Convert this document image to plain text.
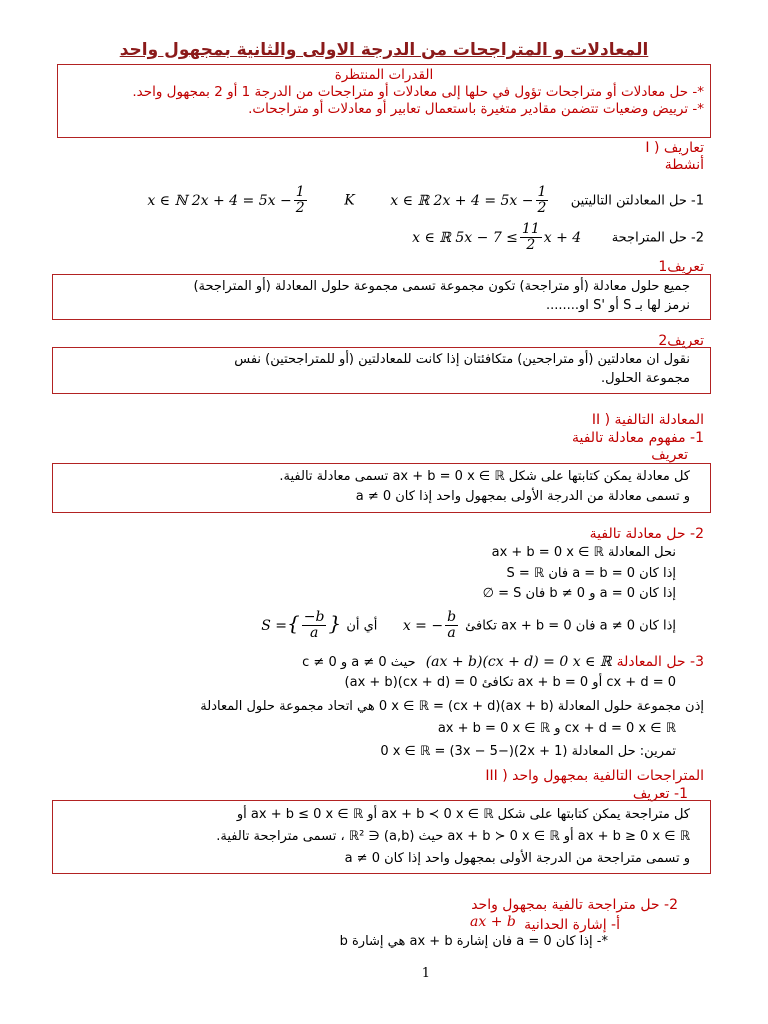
المعادلات و المتراجحات من الدرجة الاولى والثانية بمجهول واحد
القدرات المنتظرة
*- حل معادلات أو متراجحات تؤول في حلها إلى معادلات أو متراجحات من الدرجة 1 أو 2 بمجهول واحد.
*- ترييض وضعيات تتضمن مقادير متغيرة باستعمال تعابير أو معادلات أو متراجحات.
I ) تعاريف
أنشطة
1- حل المعادلتن التاليتين    x ∈ ℝ $2x + 4 = 5x - \frac{1}{2}$
K       x ∈ ℕ $2x + 4 = 5x - \frac{1}{2}$
2- حل المتراجحة      x ∈ ℝ $5x - 7 \le \frac{11}{2}$ x + 4
تعريف1
جميع حلول معادلة (أو متراجحة) تكون مجموعة تسمى مجموعة حلول المعادلة (أو المتراجحة)
نرمز لها بـ S أو 'S او........
تعريف2
نقول ان معادلتين (أو متراجحين) متكافئتان إذا كانت للمعادلتين (أو للمتراجحتين) نفس
مجموعة الحلول.
II ) المعادلة التالفية
1- مفهوم معادلة تالفية
تعريف
كل معادلة يمكن كتابتها على شكل ax + b = 0 x ∈ ℝ تسمى معادلة تالفية.
و تسمى معادلة من الدرجة الأولى بمجهول واحد إذا كان a ≠ 0
2- حل معادلة تالفية
نحل المعادلة ax + b = 0 x ∈ ℝ
إذا كان a = b = 0 فان S = ℝ
إذا كان a = 0 و b ≠ 0 فان S = ∅
إذا كان a ≠ 0 فان ax + b = 0 تكافئ x = − $\frac{b}{a}$
أي أن S ={ $\frac{-b}{a}$ }
3- حل المعادلة (ax + b)(cx + d) = 0 x ∈ ℝ  حيث a ≠ 0 و c ≠ 0
(ax + b)(cx + d) = 0 تكافئ ax + b = 0 أو cx + d = 0
إذن مجموعة حلول المعادلة (ax + b)(cx + d) = 0 x ∈ ℝ هي اتحاد مجموعة حلول المعادلة
ax + b = 0 x ∈ ℝ و cx + d = 0 x ∈ ℝ
تمرين: حل المعادلة (2x + 1)(−3x − 5) = 0 x ∈ ℝ
III ) المتراجحات التالفية بمجهول واحد
1- تعريف
كل متراجحة يمكن كتابتها على شكل ax + b ≺ 0 x ∈ ℝ أو ax + b ≤ 0 x ∈ ℝ أو
ax + b ≥ 0 x ∈ ℝ أو ax + b ≻ 0 x ∈ ℝ حيث (a,b) ∈ ℝ² ، تسمى متراجحة تالفية.
و تسمى متراجحة من الدرجة الأولى بمجهول واحد إذا كان a ≠ 0
2- حل متراجحة تالفية بمجهول واحد
أ- إشارة الحدانية
ax + b
*- إذا كان a = 0 فان إشارة ax + b هي إشارة b
1
